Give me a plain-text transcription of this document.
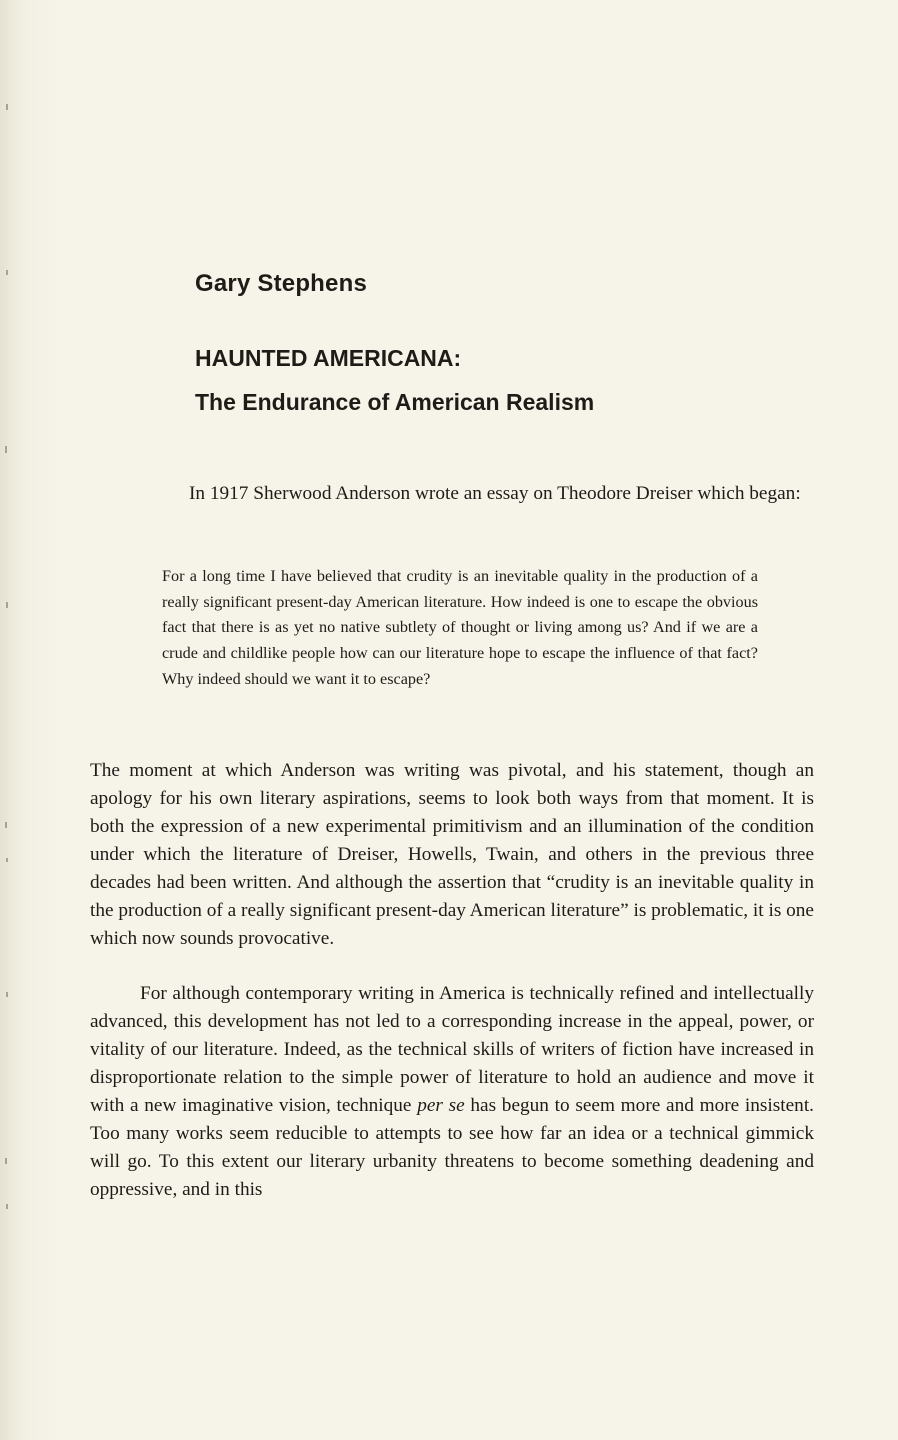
Gary Stephens
HAUNTED AMERICANA:
The Endurance of American Realism

In 1917 Sherwood Anderson wrote an essay on Theodore Dreiser which began:

For a long time I have believed that crudity is an inevitable quality in the production of a really significant present-day American literature. How indeed is one to escape the obvious fact that there is as yet no native subtlety of thought or living among us? And if we are a crude and childlike people how can our literature hope to escape the influence of that fact? Why indeed should we want it to escape?

The moment at which Anderson was writing was pivotal, and his statement, though an apology for his own literary aspirations, seems to look both ways from that moment. It is both the expression of a new experimental primitivism and an illumination of the condition under which the literature of Dreiser, Howells, Twain, and others in the previous three decades had been written. And although the assertion that “crudity is an inevitable quality in the production of a really significant present-day American literature” is problematic, it is one which now sounds provocative.

For although contemporary writing in America is technically refined and intellectually advanced, this development has not led to a corresponding increase in the appeal, power, or vitality of our literature. Indeed, as the technical skills of writers of fiction have increased in disproportionate relation to the simple power of literature to hold an audience and move it with a new imaginative vision, technique per se has begun to seem more and more insistent. Too many works seem reducible to attempts to see how far an idea or a technical gimmick will go. To this extent our literary urbanity threatens to become something deadening and oppressive, and in this
